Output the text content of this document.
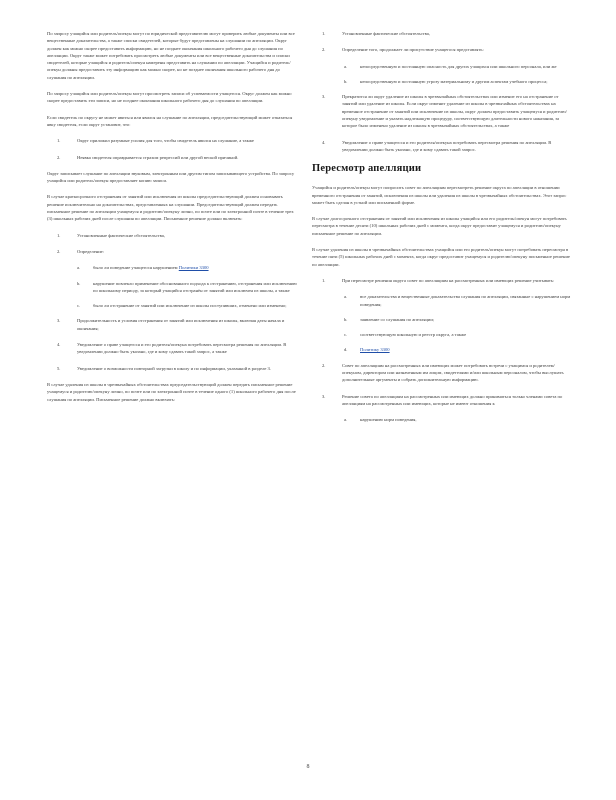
По запросу учащийся или родитель/опекун могут по юридической представителю могут проверить любые документы или все вещественные доказательства, а также списки свидетелей, которые будут представлены на слушании по апелляции. Округ должен как можно скорее предоставить информацию, но не позднее окончания школьного рабочего дня до слушания по апелляции. Округ также может потребовать просмотреть любые документы или все вещественные доказательства и списки свидетелей, которые учащийся и родитель/опекун намерены представить на слушании по апелляции. Учащийся и родитель/опекун должны предоставить эту информацию как можно скорее, но не позднее окончания школьного рабочего дня до слушания по апелляции.

По запросу учащийся или родитель/опекун могут просмотреть записи об успеваемости учащегося. Округ должен как можно скорее предоставить эти записи, но не позднее окончания школьного рабочего дня до слушания по апелляции.

Если свидетель по округу не может явиться или явился на слушание по апелляции, председательствующий может отказаться явку свидетеля, если округ установит, что:

1.	Округ приложил разумные усилия для того, чтобы свидетель явился на слушание, а также
2.	Неявка свидетеля оправдывается страхом репрессий или другой веской причиной.

Округ записывает слушание по апелляции звуковым, электронным или другим типом записывающего устройства. По запросу учащийся или родитель/опекун предоставляет копию записи.

В случае краткосрочного отстранения от занятий или исключения из школы председательствующий должен основывать решение исключительно на доказательствах, представленных на слушании. Председательствующий должен передать письменное решение по апелляции учащемуся и родителю/опекуну лично, по почте или по электронной почте в течение трех (3) школьных рабочих дней после слушания по апелляции. Письменное решение должно включать:

1.	Установленные фактические обстоятельства,
2.	Определение:
a.	было ли поведение учащегося нарушением Политики 3300
b.	нарушение повлекло применение обоснованного подхода к отстранению, отстранения или исключению по школьному периоду, за который учащийся отстранён от занятий или исключен из школы, а также
c.	было ли отстранение от занятий или исключение из школы поступивших, отменено или изменено;
3.	Продолжительность и условия отстранения от занятий или исключения из школы, включая даты начала и окончания;
4.	Уведомление о праве учащегося и его родителя/опекуна потребовать пересмотра решения по апелляции. В уведомлении должно быть указано, где и кому сдавать такой запрос, а также
5.	Уведомление о возможности повторной загрузки в школу и по информации, указанной в разделе 3.

В случае удаления из школы в чрезвычайных обстоятельствах председательствующий должен передать письменное решение учащемуся и родителю/опекуну лично, по почте или по электронной почте в течение одного (1) школьного рабочего дня после слушания по апелляции. Письменное решение должно включать:

1.	Установленные фактические обстоятельства,
2.	Определение того, продолжает ли присутствие учащегося представлять:
a.	непосредственную и постоянную опасность для других учащихся или школьного персонала, или же
b.	непосредственную и постоянную угрозу материальному и другим аспектам учебного процесса;
3.	Прекратится ли округ удаление из школы в чрезвычайных обстоятельствах или изменит его на отстранение от занятий или удаление из школы. Если округ изменит удаление из школы в чрезвычайных обстоятельствах на временное отстранение от занятий или исключение из школы, округ должен предоставить учащемуся и родителю/опекуну уведомление и указать надлежащую процедуру, соответствующую длительности нового наказания, за которое было изменено удаление из школы в чрезвычайных обстоятельствах, а также
4.	Уведомление о праве учащегося и его родителя/опекуна потребовать пересмотра решения по апелляции. В уведомлении должно быть указано, где и кому сдавать такой запрос.
Пересмотр апелляции

Учащийся и родитель/опекун могут попросить совет по апелляциям пересмотреть решение округа по апелляции в отношении временного отстранения от занятий, исключения из школы или удаления из школы в чрезвычайных обстоятельствах. Этот запрос может быть сделан в устной или письменной форме.

В случае долгосрочного отстранения от занятий или исключения из школы учащийся или его родитель/опекун могут потребовать пересмотра в течение десяти (10) школьных рабочих дней с момента, когда округ предоставит учащемуся и родителю/опекуну письменное решение по апелляции.

В случае удаления из школы в чрезвычайных обстоятельствах учащийся или его родитель/опекун могут потребовать пересмотра в течение пяти (5) школьных рабочих дней с момента, когда округ предоставит учащемуся и родителю/опекуну письменное решение по апелляции.

1.	При пересмотре решения округа совет по апелляциям на рассмотренных или имеющих решение учитывать:
a.	все доказательства и вещественные доказательства слушания по апелляции, связанные с нарушением норм поведения;
b.	заявление со слушания по апелляции;
c.	соответствующую школьную и реестр округа, а также
d.	Политику 3300
2.	Совет по апелляциям на рассмотренных или имеющих может потребовать встречи с учащимся и родителем/опекуном, директором или назначенным им лицом, свидетелями и/или школьным персоналом, чтобы выслушать дополнительные аргументы и собрать дополнительную информацию.
3.	Решение совета по апелляциям на рассмотренных или имеющих должно приниматься только членами совета по апелляциям на рассмотренных или имеющих, которые не имеют отношения к
a.	нарушению норм поведения,
8
